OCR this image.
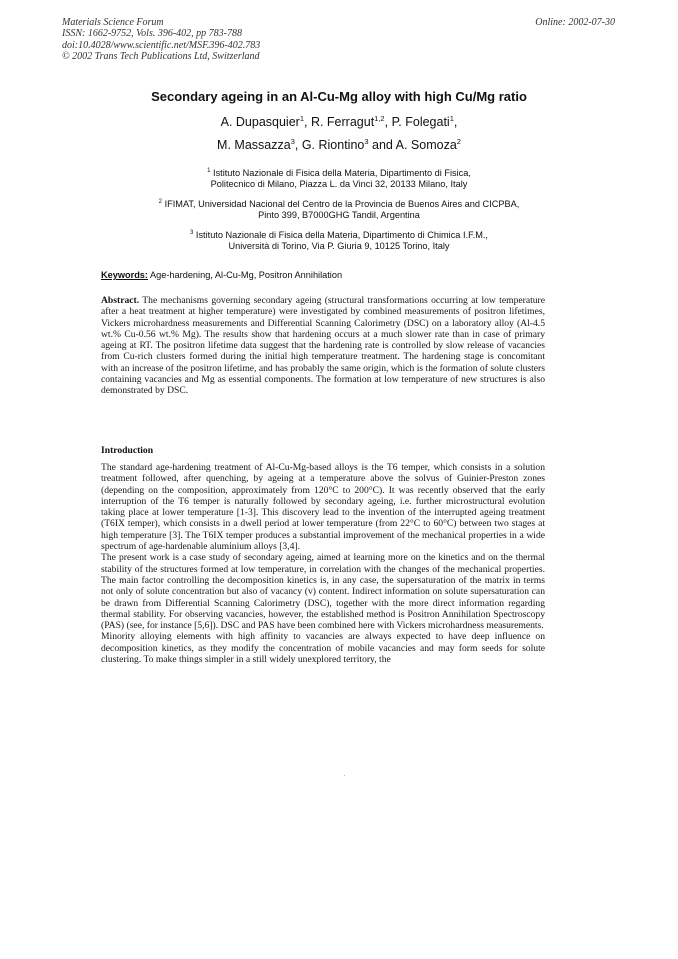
Materials Science Forum
ISSN: 1662-9752, Vols. 396-402, pp 783-788
doi:10.4028/www.scientific.net/MSF.396-402.783
© 2002 Trans Tech Publications Ltd, Switzerland
Online: 2002-07-30
Secondary ageing in an Al-Cu-Mg alloy with high Cu/Mg ratio
A. Dupasquier$^1$, R. Ferragut$^{1,2}$, P. Folegati$^1$,
M. Massazza$^3$, G. Riontino$^3$ and A. Somoza$^2$
$^1$ Istituto Nazionale di Fisica della Materia, Dipartimento di Fisica,
Politecnico di Milano, Piazza L. da Vinci 32, 20133 Milano, Italy
$^2$ IFIMAT, Universidad Nacional del Centro de la Provincia de Buenos Aires and CICPBA,
Pinto 399, B7000GHG Tandil, Argentina
$^3$ Istituto Nazionale di Fisica della Materia, Dipartimento di Chimica I.F.M.,
Università di Torino, Via P. Giuria 9, 10125 Torino, Italy
Keywords: Age-hardening, Al-Cu-Mg, Positron Annihilation
Abstract. The mechanisms governing secondary ageing (structural transformations occurring at low temperature after a heat treatment at higher temperature) were investigated by combined measurements of positron lifetimes, Vickers microhardness measurements and Differential Scanning Calorimetry (DSC) on a laboratory alloy (Al-4.5 wt.% Cu-0.56 wt.% Mg). The results show that hardening occurs at a much slower rate than in case of primary ageing at RT. The positron lifetime data suggest that the hardening rate is controlled by slow release of vacancies from Cu-rich clusters formed during the initial high temperature treatment. The hardening stage is concomitant with an increase of the positron lifetime, and has probably the same origin, which is the formation of solute clusters containing vacancies and Mg as essential components. The formation at low temperature of new structures is also demonstrated by DSC.
Introduction

The standard age-hardening treatment of Al-Cu-Mg-based alloys is the T6 temper, which consists in a solution treatment followed, after quenching, by ageing at a temperature above the solvus of Guinier-Preston zones (depending on the composition, approximately from 120°C to 200°C). It was recently observed that the early interruption of the T6 temper is naturally followed by secondary ageing, i.e. further microstructural evolution taking place at lower temperature [1-3]. This discovery lead to the invention of the interrupted ageing treatment (T6IX temper), which consists in a dwell period at lower temperature (from 22°C to 60°C) between two stages at high temperature [3]. The T6IX temper produces a substantial improvement of the mechanical properties in a wide spectrum of age-hardenable aluminium alloys [3,4].

The present work is a case study of secondary ageing, aimed at learning more on the kinetics and on the thermal stability of the structures formed at low temperature, in correlation with the changes of the mechanical properties. The main factor controlling the decomposition kinetics is, in any case, the supersaturation of the matrix in terms not only of solute concentration but also of vacancy (v) content. Indirect information on solute supersaturation can be drawn from Differential Scanning Calorimetry (DSC), together with the more direct information regarding thermal stability. For observing vacancies, however, the established method is Positron Annihilation Spectroscopy (PAS) (see, for instance [5,6]). DSC and PAS have been combined here with Vickers microhardness measurements.

Minority alloying elements with high affinity to vacancies are always expected to have deep influence on decomposition kinetics, as they modify the concentration of mobile vacancies and may form seeds for solute clustering. To make things simpler in a still widely unexplored territory, the
